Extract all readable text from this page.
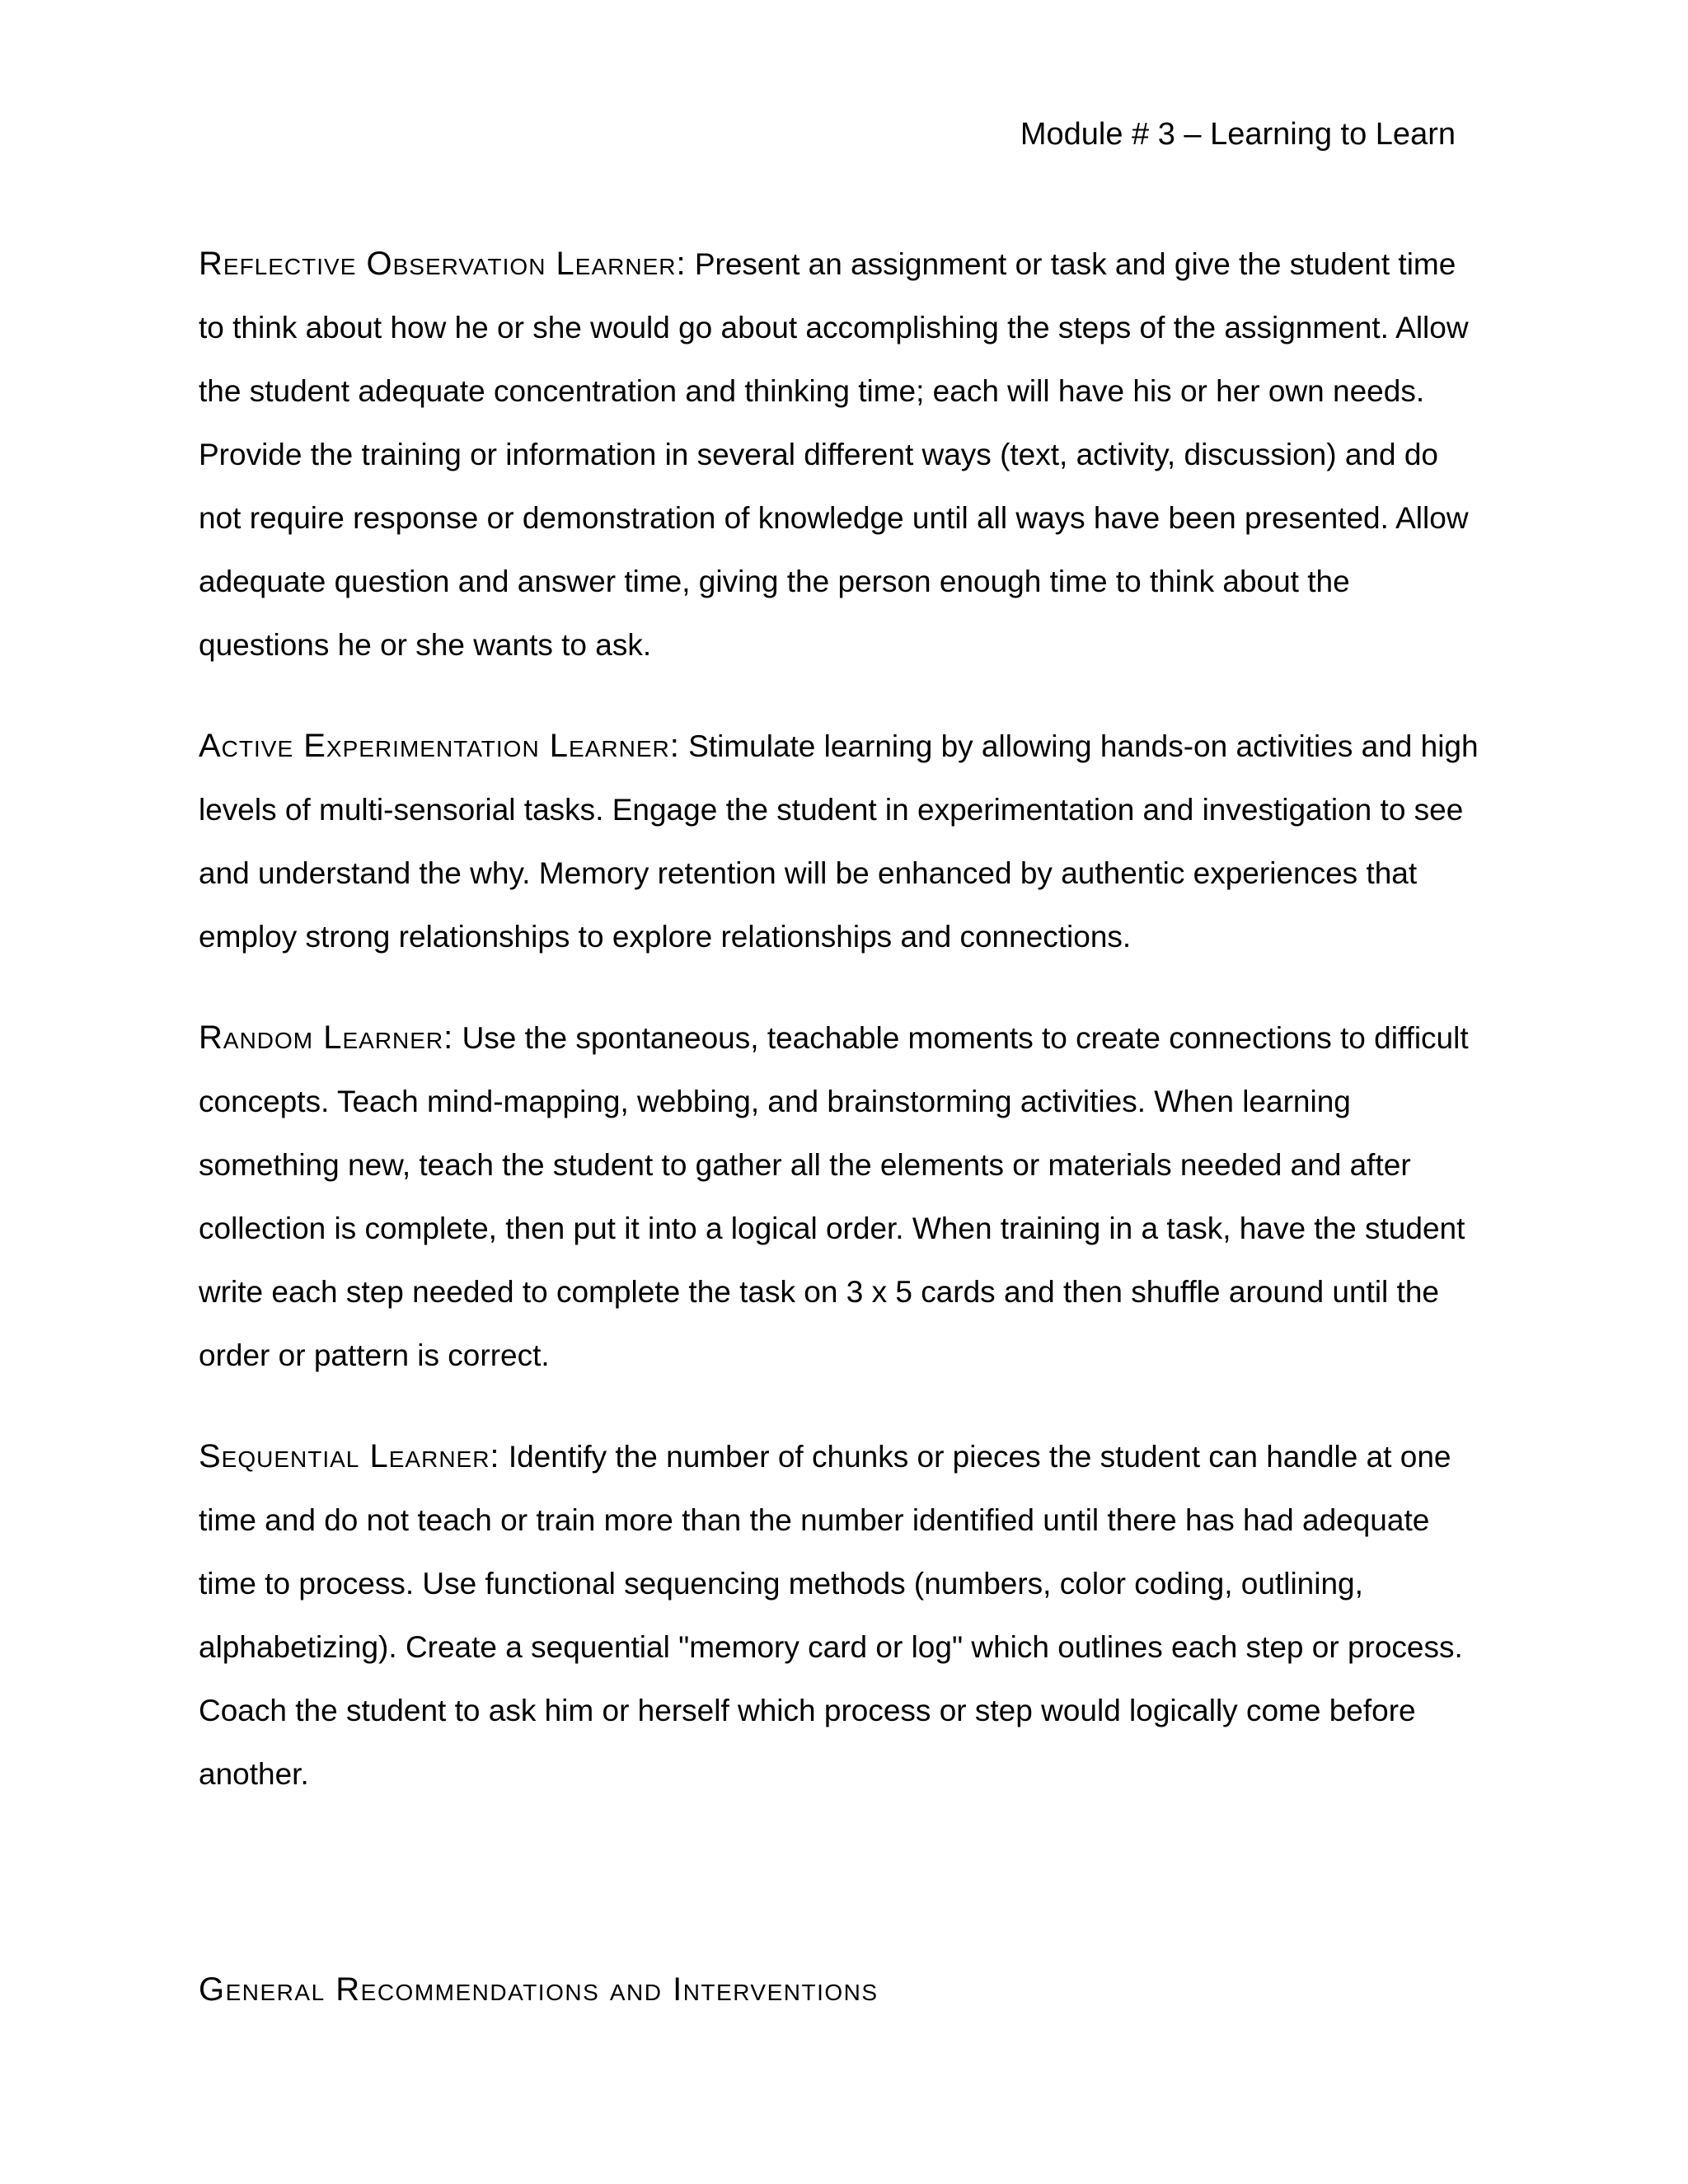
Module # 3 – Learning to Learn

Reflective Observation Learner: Present an assignment or task and give the student time to think about how he or she would go about accomplishing the steps of the assignment. Allow the student adequate concentration and thinking time; each will have his or her own needs. Provide the training or information in several different ways (text, activity, discussion) and do not require response or demonstration of knowledge until all ways have been presented. Allow adequate question and answer time, giving the person enough time to think about the questions he or she wants to ask.

Active Experimentation Learner: Stimulate learning by allowing hands-on activities and high levels of multi-sensorial tasks. Engage the student in experimentation and investigation to see and understand the why. Memory retention will be enhanced by authentic experiences that employ strong relationships to explore relationships and connections.

Random Learner: Use the spontaneous, teachable moments to create connections to difficult concepts. Teach mind-mapping, webbing, and brainstorming activities. When learning something new, teach the student to gather all the elements or materials needed and after collection is complete, then put it into a logical order. When training in a task, have the student write each step needed to complete the task on 3 x 5 cards and then shuffle around until the order or pattern is correct.

Sequential Learner: Identify the number of chunks or pieces the student can handle at one time and do not teach or train more than the number identified until there has had adequate time to process. Use functional sequencing methods (numbers, color coding, outlining, alphabetizing). Create a sequential "memory card or log" which outlines each step or process. Coach the student to ask him or herself which process or step would logically come before another.

General Recommendations and Interventions
